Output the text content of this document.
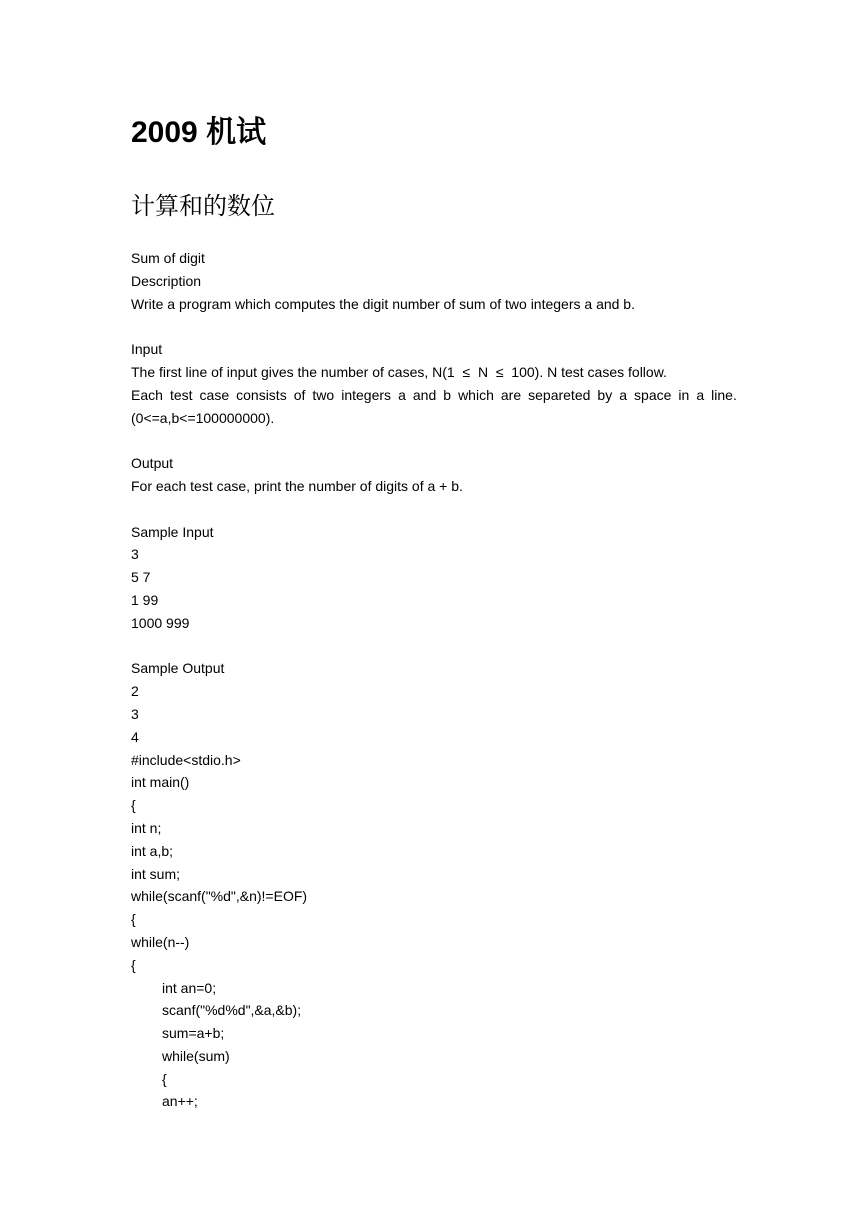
2009 机试
计算和的数位
Sum of digit
Description
Write a program which computes the digit number of sum of two integers a and b.
Input
The first line of input gives the number of cases, N(1  ≤  N  ≤  100). N test cases follow.
Each test case consists of two integers a and b which are separeted by a space in a line.
(0<=a,b<=100000000).
Output
For each test case, print the number of digits of a + b.
Sample Input
3
5 7
1 99
1000 999
Sample Output
2
3
4
#include<stdio.h>
int main()
{
int n;
int a,b;
int sum;
while(scanf("%d",&n)!=EOF)
{
while(n--)
{
int an=0;
scanf("%d%d",&a,&b);
sum=a+b;
while(sum)
{
an++;
